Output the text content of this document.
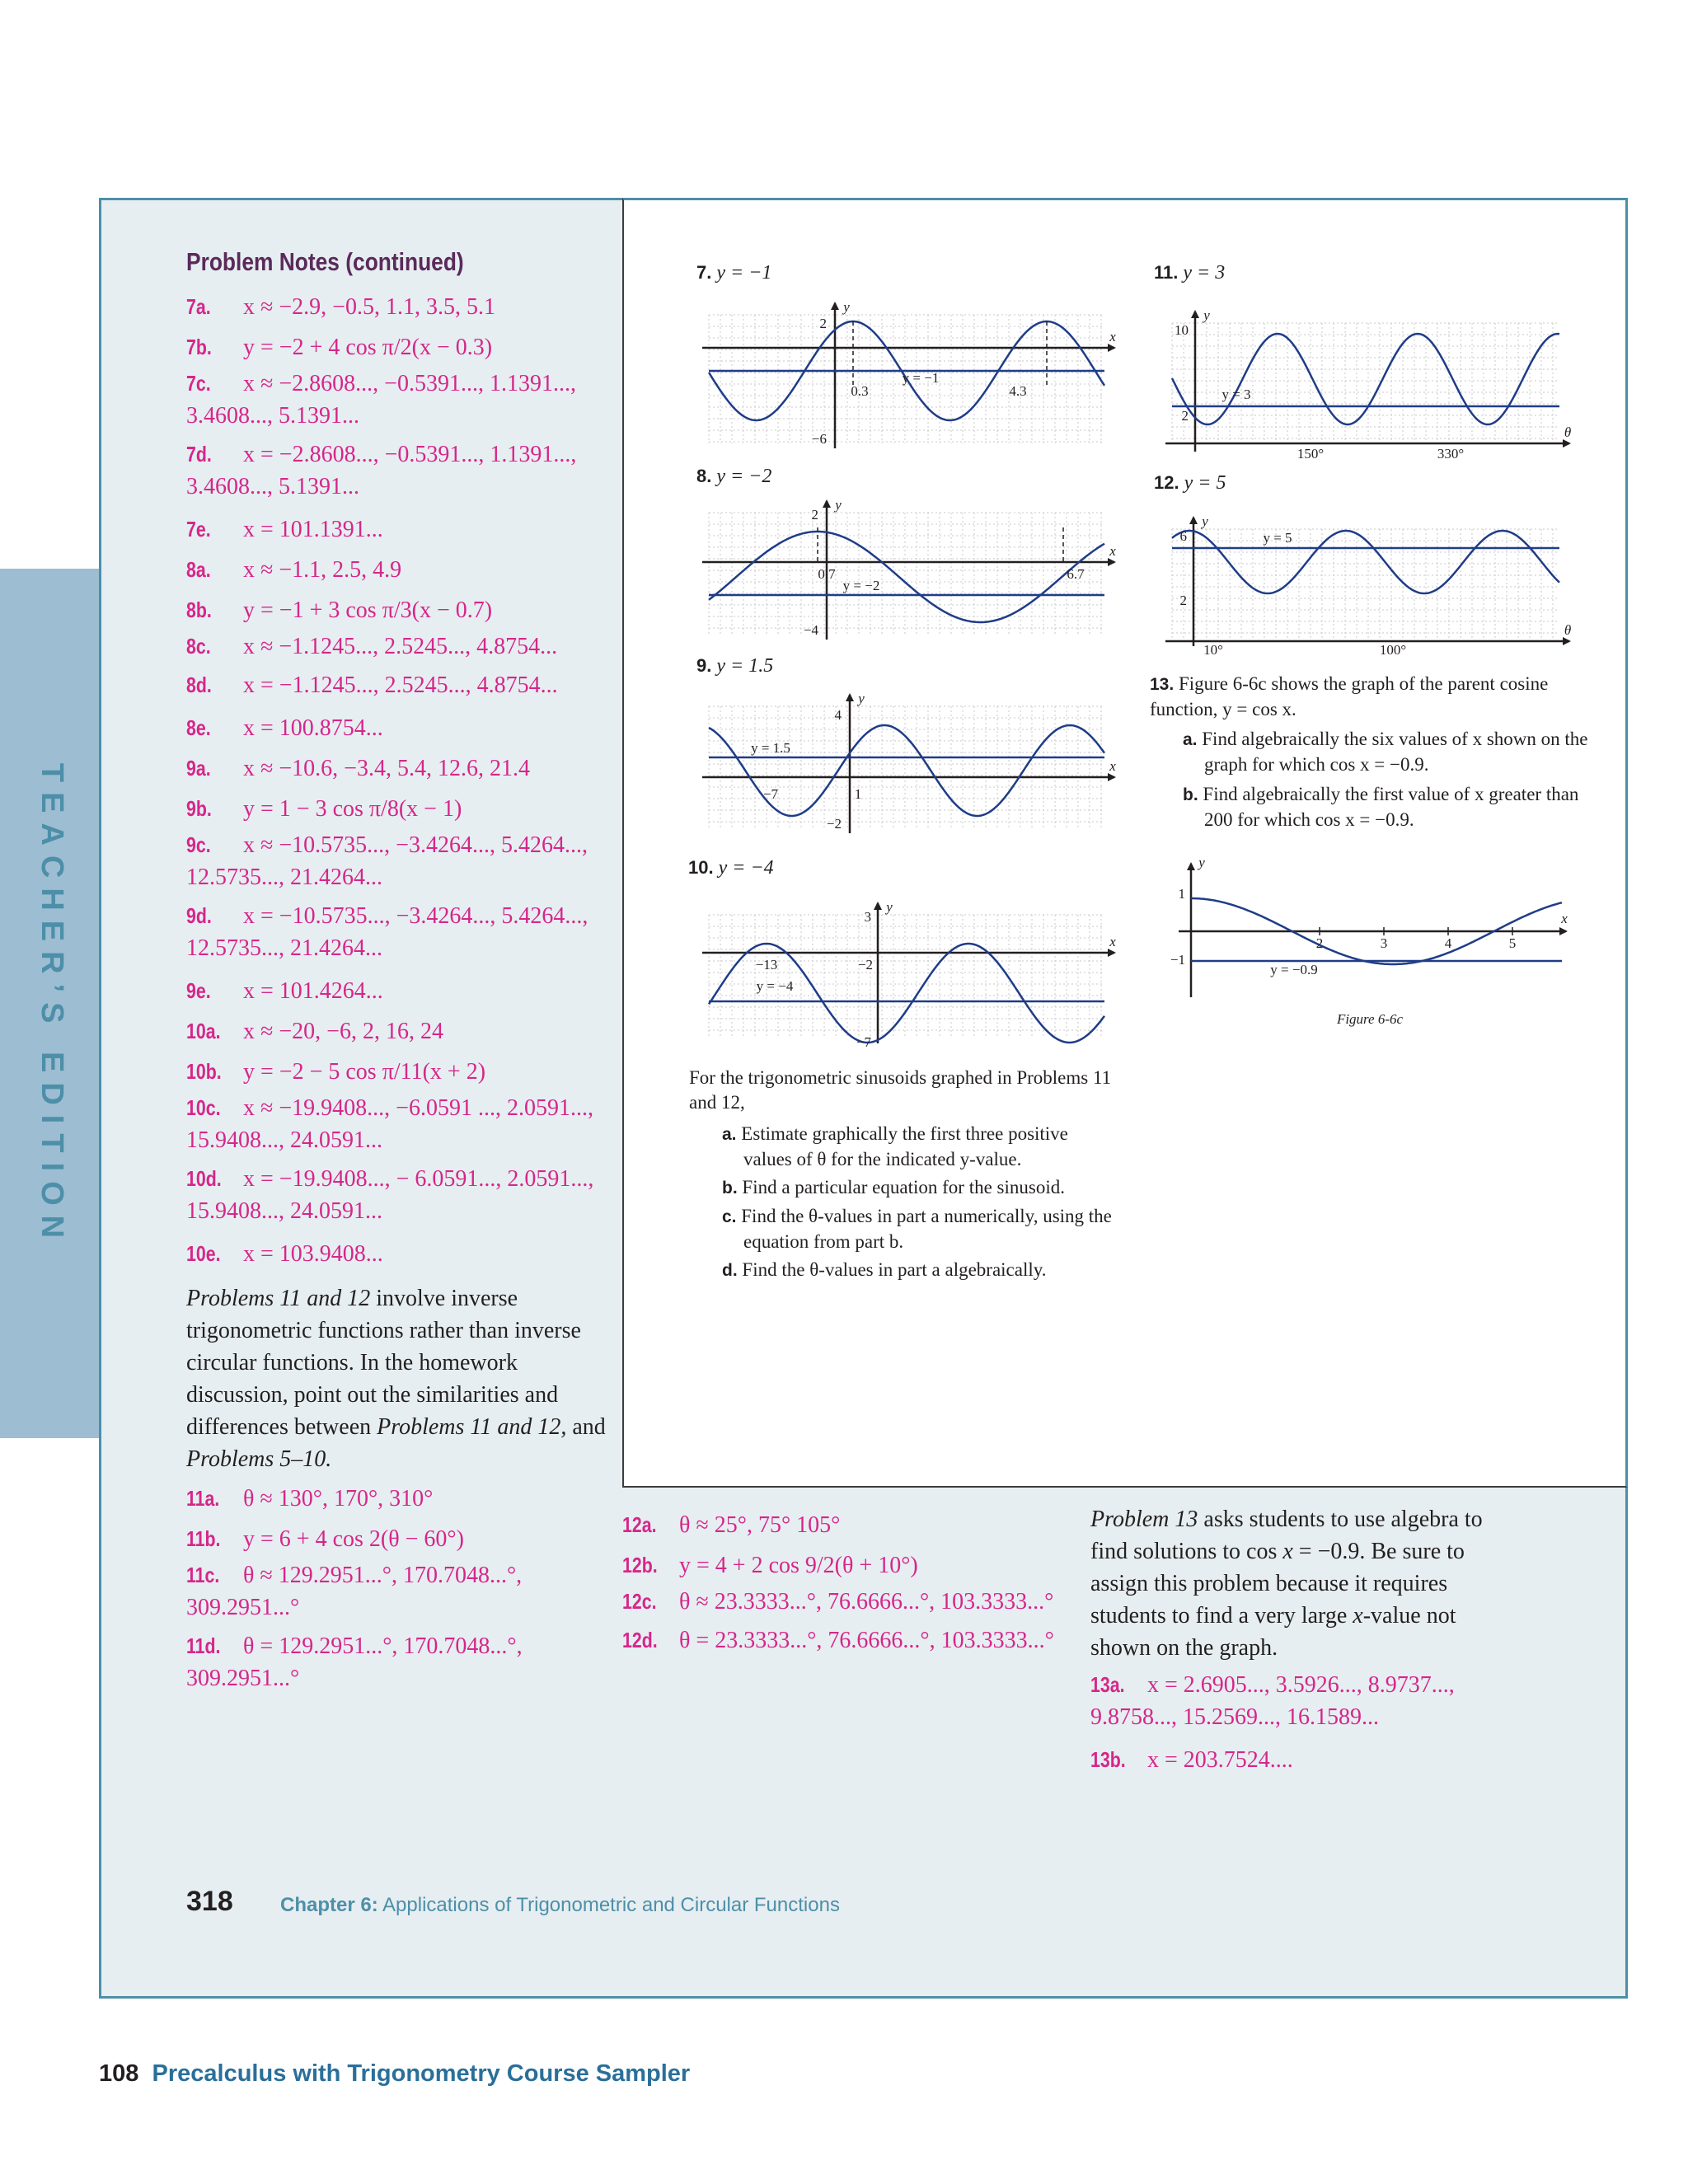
TEACHER’S EDITION
Problem Notes (continued)
7a. x ≈ −2.9, −0.5, 1.1, 3.5, 5.1
7b. y = −2 + 4 cos π/2(x − 0.3)
7c. x ≈ −2.8608..., −0.5391..., 1.1391..., 3.4608..., 5.1391...
7d. x = −2.8608..., −0.5391..., 1.1391..., 3.4608..., 5.1391...
7e. x = 101.1391...
8a. x ≈ −1.1, 2.5, 4.9
8b. y = −1 + 3 cos π/3(x − 0.7)
8c. x ≈ −1.1245..., 2.5245..., 4.8754...
8d. x = −1.1245..., 2.5245..., 4.8754...
8e. x = 100.8754...
9a. x ≈ −10.6, −3.4, 5.4, 12.6, 21.4
9b. y = 1 − 3 cos π/8(x − 1)
9c. x ≈ −10.5735..., −3.4264..., 5.4264..., 12.5735..., 21.4264...
9d. x = −10.5735..., −3.4264..., 5.4264..., 12.5735..., 21.4264...
9e. x = 101.4264...
10a. x ≈ −20, −6, 2, 16, 24
10b. y = −2 − 5 cos π/11(x + 2)
10c. x ≈ −19.9408..., −6.0591 ..., 2.0591..., 15.9408..., 24.0591...
10d. x = −19.9408..., − 6.0591..., 2.0591..., 15.9408..., 24.0591...
10e. x = 103.9408...
Problems 11 and 12 involve inverse trigonometric functions rather than inverse circular functions. In the homework discussion, point out the similarities and differences between Problems 11 and 12, and Problems 5–10.
11a. θ ≈ 130°, 170°, 310°
11b. y = 6 + 4 cos 2(θ − 60°)
11c. θ ≈ 129.2951...°, 170.7048...°, 309.2951...°
11d. θ = 129.2951...°, 170.7048...°, 309.2951...°
7. y = −1
8. y = −2
9. y = 1.5
10. y = −4
11. y = 3
12. y = 5
x
y
2
−6
0.3	4.3
y = −1
x
y
2
−4
0.7	6.7
y = −2
x
y
4
−2
−7	1
y = 1.5
x
y
3
−7
−13	−2
y = −4
θ
y
10
2
150°	330°
y = 3
θ
y
6
2
10°	100°
y = 5
x
y
1
−1
2	3	4	5
y = −0.9
Figure 6-6c
13. Figure 6-6c shows the graph of the parent cosine function, y = cos x.
a. Find algebraically the six values of x shown on the graph for which cos x = −0.9.
b. Find algebraically the first value of x greater than 200 for which cos x = −0.9.
For the trigonometric sinusoids graphed in Problems 11 and 12,
a. Estimate graphically the first three positive values of θ for the indicated y-value.
b. Find a particular equation for the sinusoid.
c. Find the θ-values in part a numerically, using the equation from part b.
d. Find the θ-values in part a algebraically.
12a. θ ≈ 25°, 75° 105°
12b. y = 4 + 2 cos 9/2(θ + 10°)
12c. θ ≈ 23.3333...°, 76.6666...°, 103.3333...°
12d. θ = 23.3333...°, 76.6666...°, 103.3333...°
Problem 13 asks students to use algebra to find solutions to cos x = −0.9. Be sure to assign this problem because it requires students to find a very large x-value not shown on the graph.
13a. x = 2.6905..., 3.5926..., 8.9737..., 9.8758..., 15.2569..., 16.1589...
13b. x = 203.7524....
318 Chapter 6: Applications of Trigonometric and Circular Functions
108 Precalculus with Trigonometry Course Sampler
